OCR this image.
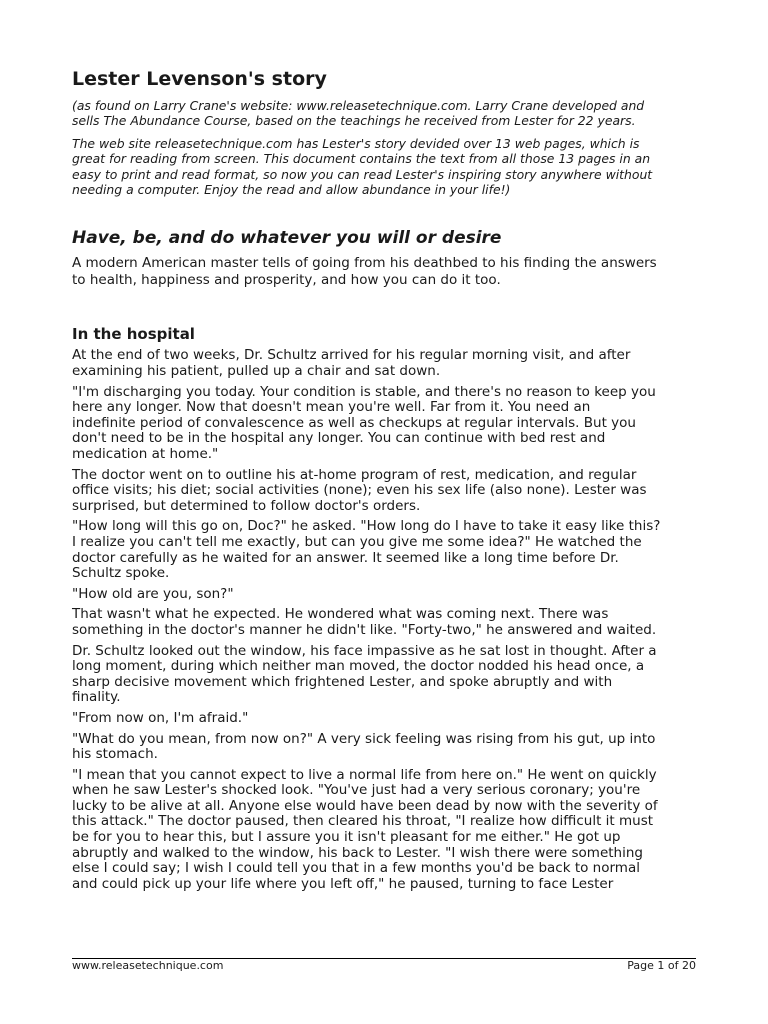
Lester Levenson's story

(as found on Larry Crane's website: www.releasetechnique.com. Larry Crane developed and
sells The Abundance Course, based on the teachings he received from Lester for 22 years.

The web site releasetechnique.com has Lester's story devided over 13 web pages, which is
great for reading from screen. This document contains the text from all those 13 pages in an
easy to print and read format, so now you can read Lester's inspiring story anywhere without
needing a computer. Enjoy the read and allow abundance in your life!)

Have, be, and do whatever you will or desire

A modern American master tells of going from his deathbed to his finding the answers
to health, happiness and prosperity, and how you can do it too.

In the hospital

At the end of two weeks, Dr. Schultz arrived for his regular morning visit, and after
examining his patient, pulled up a chair and sat down.

"I'm discharging you today. Your condition is stable, and there's no reason to keep you
here any longer. Now that doesn't mean you're well. Far from it. You need an
indefinite period of convalescence as well as checkups at regular intervals. But you
don't need to be in the hospital any longer. You can continue with bed rest and
medication at home."

The doctor went on to outline his at-home program of rest, medication, and regular
office visits; his diet; social activities (none); even his sex life (also none). Lester was
surprised, but determined to follow doctor's orders.

"How long will this go on, Doc?" he asked. "How long do I have to take it easy like this?
I realize you can't tell me exactly, but can you give me some idea?" He watched the
doctor carefully as he waited for an answer. It seemed like a long time before Dr.
Schultz spoke.

"How old are you, son?"

That wasn't what he expected. He wondered what was coming next. There was
something in the doctor's manner he didn't like. "Forty-two," he answered and waited.

Dr. Schultz looked out the window, his face impassive as he sat lost in thought. After a
long moment, during which neither man moved, the doctor nodded his head once, a
sharp decisive movement which frightened Lester, and spoke abruptly and with
finality.

"From now on, I'm afraid."

"What do you mean, from now on?" A very sick feeling was rising from his gut, up into
his stomach.

"I mean that you cannot expect to live a normal life from here on." He went on quickly
when he saw Lester's shocked look. "You've just had a very serious coronary; you're
lucky to be alive at all. Anyone else would have been dead by now with the severity of
this attack." The doctor paused, then cleared his throat, "I realize how difficult it must
be for you to hear this, but I assure you it isn't pleasant for me either." He got up
abruptly and walked to the window, his back to Lester. "I wish there were something
else I could say; I wish I could tell you that in a few months you'd be back to normal
and could pick up your life where you left off," he paused, turning to face Lester

www.releasetechnique.com	Page 1 of 20
